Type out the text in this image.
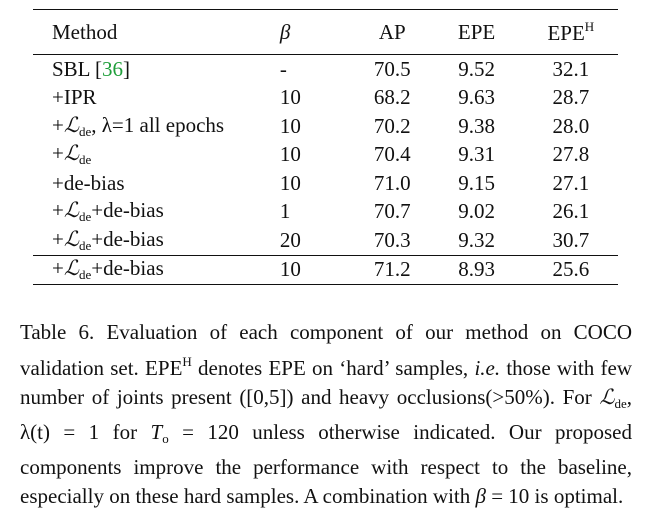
Method	β	AP	EPE	$EPE^H$
SBL [36]	-	70.5	9.52	32.1
+IPR	10	68.2	9.63	28.7
+ℒ$_{de}$, λ=1 all epochs	10	70.2	9.38	28.0
+ℒ$_{de}$	10	70.4	9.31	27.8
+de-bias	10	71.0	9.15	27.1
+ℒ$_{de}$+de-bias	1	70.7	9.02	26.1
+ℒ$_{de}$+de-bias	20	70.3	9.32	30.7
+ℒ$_{de}$+de-bias	10	71.2	8.93	25.6

Table 6. Evaluation of each component of our method on COCO validation set. $EPE^H$ denotes EPE on ‘hard’ samples, i.e. those with few number of joints present ([0,5]) and heavy occlusions(>50%). For ℒ$_{de}$, λ(t) = 1 for $T_o = 120$ unless otherwise indicated. Our proposed components improve the performance with respect to the baseline, especially on these hard samples. A combination with β = 10 is optimal.
